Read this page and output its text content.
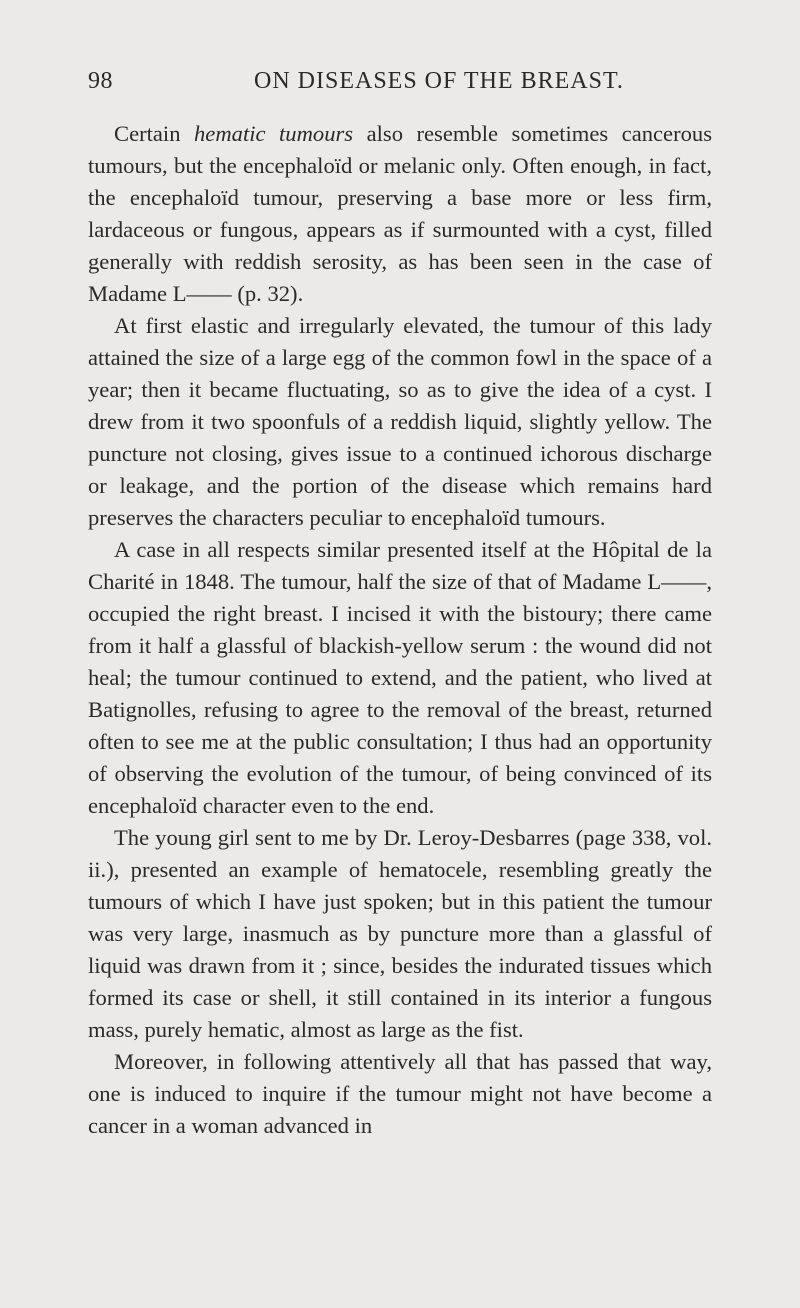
98	ON DISEASES OF THE BREAST.

Certain hematic tumours also resemble sometimes cancerous tumours, but the encephaloïd or melanic only. Often enough, in fact, the encephaloïd tumour, preserving a base more or less firm, lardaceous or fungous, appears as if surmounted with a cyst, filled generally with reddish serosity, as has been seen in the case of Madame L—— (p. 32).

At first elastic and irregularly elevated, the tumour of this lady attained the size of a large egg of the common fowl in the space of a year; then it became fluctuating, so as to give the idea of a cyst. I drew from it two spoonfuls of a reddish liquid, slightly yellow. The puncture not closing, gives issue to a continued ichorous discharge or leakage, and the portion of the disease which remains hard preserves the characters peculiar to encephaloïd tumours.

A case in all respects similar presented itself at the Hôpital de la Charité in 1848. The tumour, half the size of that of Madame L——, occupied the right breast. I incised it with the bistoury; there came from it half a glassful of blackish-yellow serum : the wound did not heal; the tumour continued to extend, and the patient, who lived at Batignolles, refusing to agree to the removal of the breast, returned often to see me at the public consultation; I thus had an opportunity of observing the evolution of the tumour, of being convinced of its encephaloïd character even to the end.

The young girl sent to me by Dr. Leroy-Desbarres (page 338, vol. ii.), presented an example of hematocele, resembling greatly the tumours of which I have just spoken; but in this patient the tumour was very large, inasmuch as by puncture more than a glassful of liquid was drawn from it ; since, besides the indurated tissues which formed its case or shell, it still contained in its interior a fungous mass, purely hematic, almost as large as the fist.

Moreover, in following attentively all that has passed that way, one is induced to inquire if the tumour might not have become a cancer in a woman advanced in
